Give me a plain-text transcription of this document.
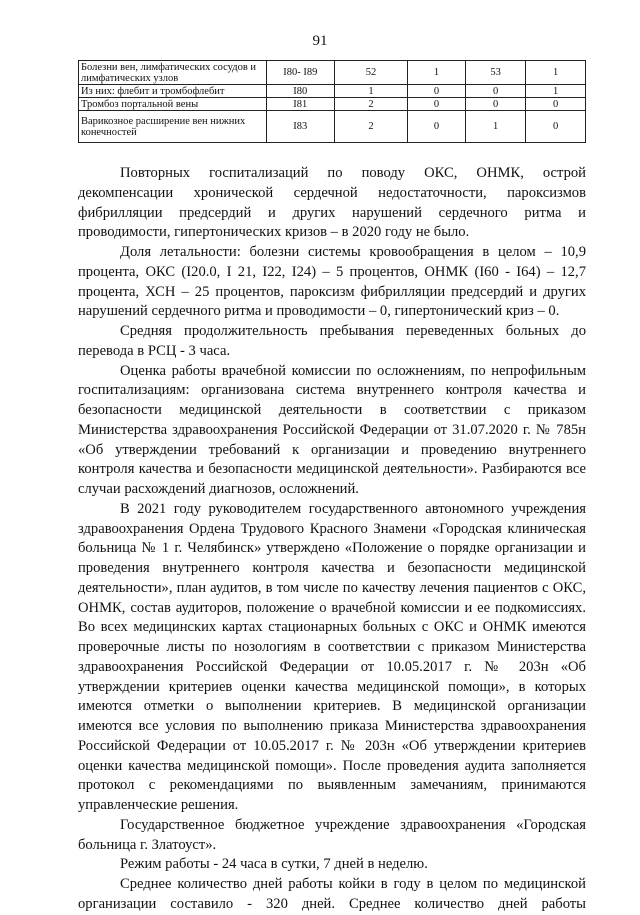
91
Болезни вен, лимфатических сосудов и лимфатических узлов	I80- I89	52	1	53	1
Из них: флебит и тромбофлебит	I80	1	0	0	1
Тромбоз портальной вены	I81	2	0	0	0
Варикозное расширение вен нижних конечностей	I83	2	0	1	0

Повторных госпитализаций по поводу ОКС, ОНМК, острой декомпенсации хронической сердечной недостаточности, пароксизмов фибрилляции предсердий и других нарушений сердечного ритма и проводимости, гипертонических кризов – в 2020 году не было.

Доля летальности: болезни системы кровообращения в целом – 10,9 процента, ОКС (I20.0, I 21, I22, I24) – 5 процентов, ОНМК (I60 - I64) – 12,7 процента, ХСН – 25 процентов, пароксизм фибрилляции предсердий и других нарушений сердечного ритма и проводимости – 0, гипертонический криз – 0.

Средняя продолжительность пребывания переведенных больных до перевода в РСЦ - 3 часа.

Оценка работы врачебной комиссии по осложнениям, по непрофильным госпитализациям: организована система внутреннего контроля качества и безопасности медицинской деятельности в соответствии с приказом Министерства здравоохранения Российской Федерации от 31.07.2020 г. № 785н «Об утверждении требований к организации и проведению внутреннего контроля качества и безопасности медицинской деятельности». Разбираются все случаи расхождений диагнозов, осложнений.

В 2021 году руководителем государственного автономного учреждения здравоохранения Ордена Трудового Красного Знамени «Городская клиническая больница № 1 г. Челябинск» утверждено «Положение о порядке организации и проведения внутреннего контроля качества и безопасности медицинской деятельности», план аудитов, в том числе по качеству лечения пациентов с ОКС, ОНМК, состав аудиторов, положение о врачебной комиссии и ее подкомиссиях. Во всех медицинских картах стационарных больных с ОКС и ОНМК имеются проверочные листы по нозологиям в соответствии с приказом Министерства здравоохранения Российской Федерации от 10.05.2017 г. № 203н «Об утверждении критериев оценки качества медицинской помощи», в которых имеются отметки о выполнении критериев. В медицинской организации имеются все условия по выполнению приказа Министерства здравоохранения Российской Федерации от 10.05.2017 г. № 203н «Об утверждении критериев оценки качества медицинской помощи». После проведения аудита заполняется протокол с рекомендациями по выявленным замечаниям, принимаются управленческие решения.

Государственное бюджетное учреждение здравоохранения «Городская больница г. Златоуст».

Режим работы - 24 часа в сутки, 7 дней в неделю.

Среднее количество дней работы койки в году в целом по медицинской организации составило - 320 дней. Среднее количество дней работы
